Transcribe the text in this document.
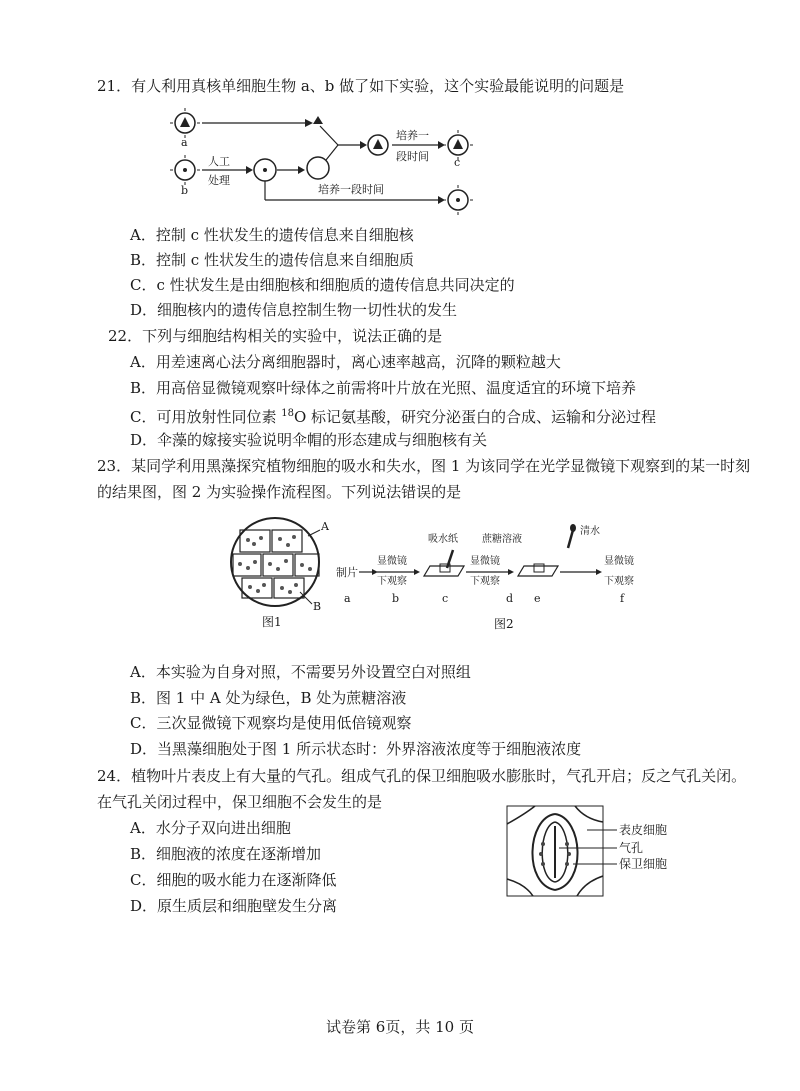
21．有人利用真核单细胞生物 a、b 做了如下实验，这个实验最能说明的问题是
a
b
人工
处理
培养一
段时间 c
培养一段时间
A．控制 c 性状发生的遗传信息来自细胞核
B．控制 c 性状发生的遗传信息来自细胞质
C．c 性状发生是由细胞核和细胞质的遗传信息共同决定的
D．细胞核内的遗传信息控制生物一切性状的发生
22．下列与细胞结构相关的实验中，说法正确的是
A．用差速离心法分离细胞器时，离心速率越高，沉降的颗粒越大
B．用高倍显微镜观察叶绿体之前需将叶片放在光照、温度适宜的环境下培养
C．可用放射性同位素 $^{18}$O 标记氨基酸，研究分泌蛋白的合成、运输和分泌过程
D．伞藻的嫁接实验说明伞帽的形态建成与细胞核有关
23．某同学利用黑藻探究植物细胞的吸水和失水，图 1 为该同学在光学显微镜下观察到的某一时刻
的结果图，图 2 为实验操作流程图。下列说法错误的是
A
B
图1
制片
a
显微镜
下观察
b
吸水纸
c
显微镜
下观察
蔗糖溶液
d
清水
e
显微镜
下观察
f
图2
A．本实验为自身对照，不需要另外设置空白对照组
B．图 1 中 A 处为绿色，B 处为蔗糖溶液
C．三次显微镜下观察均是使用低倍镜观察
D．当黑藻细胞处于图 1 所示状态时：外界溶液浓度等于细胞液浓度
24．植物叶片表皮上有大量的气孔。组成气孔的保卫细胞吸水膨胀时，气孔开启；反之气孔关闭。
在气孔关闭过程中，保卫细胞不会发生的是
表皮细胞
气孔
保卫细胞
A．水分子双向进出细胞
B．细胞液的浓度在逐渐增加
C．细胞的吸水能力在逐渐降低
D．原生质层和细胞壁发生分离
试卷第 6页，共 10 页
